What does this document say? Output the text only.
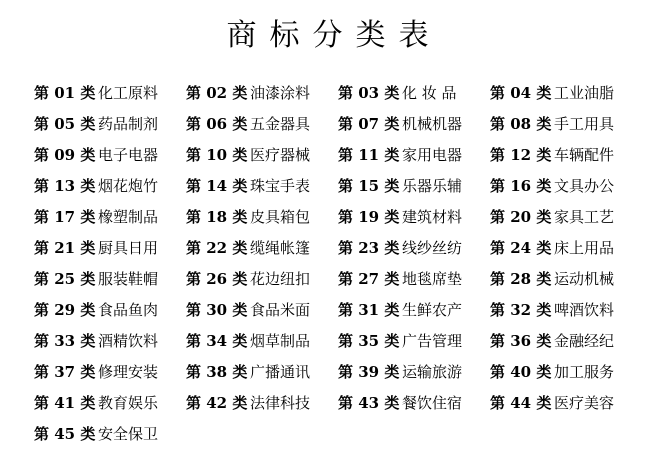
商标分类表
第 01 类 化工原料 第 02 类 油漆涂料 第 03 类 化 妆 品 第 04 类 工业油脂
第 05 类 药品制剂 第 06 类 五金器具 第 07 类 机械机器 第 08 类 手工用具
第 09 类 电子电器 第 10 类 医疗器械 第 11 类 家用电器 第 12 类 车辆配件
第 13 类 烟花炮竹 第 14 类 珠宝手表 第 15 类 乐器乐辅 第 16 类 文具办公
第 17 类 橡塑制品 第 18 类 皮具箱包 第 19 类 建筑材料 第 20 类 家具工艺
第 21 类 厨具日用 第 22 类 缆绳帐篷 第 23 类 线纱丝纺 第 24 类 床上用品
第 25 类 服装鞋帽 第 26 类 花边纽扣 第 27 类 地毯席垫 第 28 类 运动机械
第 29 类 食品鱼肉 第 30 类 食品米面 第 31 类 生鲜农产 第 32 类 啤酒饮料
第 33 类 酒精饮料 第 34 类 烟草制品 第 35 类 广告管理 第 36 类 金融经纪
第 37 类 修理安装 第 38 类 广播通讯 第 39 类 运输旅游 第 40 类 加工服务
第 41 类 教育娱乐 第 42 类 法律科技 第 43 类 餐饮住宿 第 44 类 医疗美容
第 45 类 安全保卫
